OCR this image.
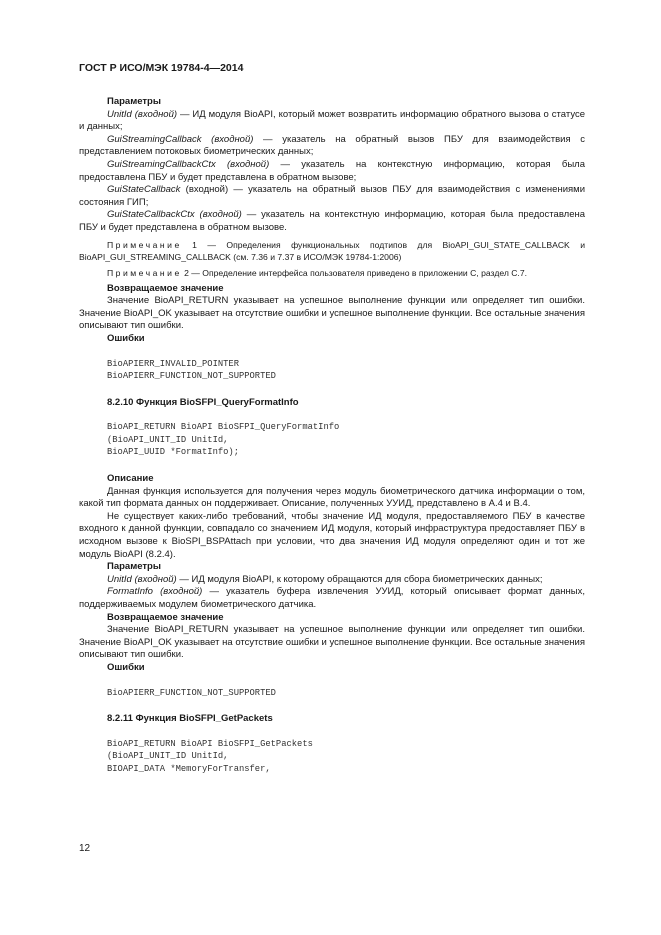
ГОСТ Р ИСО/МЭК 19784-4—2014

Параметры

UnitId (входной) — ИД модуля BioAPI, который может возвратить информацию обратного вызова о статусе и данных;

GuiStreamingCallback (входной) — указатель на обратный вызов ПБУ для взаимодействия с представлением потоковых биометрических данных;

GuiStreamingCallbackCtx (входной) — указатель на контекстную информацию, которая была предоставлена ПБУ и будет представлена в обратном вызове;

GuiStateCallback (входной) — указатель на обратный вызов ПБУ для взаимодействия с изменениями состояния ГИП;

GuiStateCallbackCtx (входной) — указатель на контекстную информацию, которая была предоставлена ПБУ и будет представлена в обратном вызове.

Примечание 1 — Определения функциональных подтипов для BioAPI_GUI_STATE_CALLBACK и BioAPI_GUI_STREAMING_CALLBACK (см. 7.36 и 7.37 в ИСО/МЭК 19784-1:2006)

Примечание 2 — Определение интерфейса пользователя приведено в приложении С, раздел С.7.

Возвращаемое значение

Значение BioAPI_RETURN указывает на успешное выполнение функции или определяет тип ошибки. Значение BioAPI_OK указывает на отсутствие ошибки и успешное выполнение функции. Все остальные значения описывают тип ошибки.

Ошибки

BioAPIERR_INVALID_POINTER

BioAPIERR_FUNCTION_NOT_SUPPORTED

8.2.10 Функция BioSFPI_QueryFormatInfo

BioAPI_RETURN BioAPI BioSFPI_QueryFormatInfo

(BioAPI_UNIT_ID UnitId,

BioAPI_UUID *FormatInfo);

Описание

Данная функция используется для получения через модуль биометрического датчика информации о том, какой тип формата данных он поддерживает. Описание, полученных УУИД, представлено в А.4 и В.4.

Не существует каких-либо требований, чтобы значение ИД модуля, предоставляемого ПБУ в качестве входного к данной функции, совпадало со значением ИД модуля, который инфраструктура предоставляет ПБУ в исходном вызове к BioSPI_BSPAttach при условии, что два значения ИД модуля определяют один и тот же модуль BioAPI (8.2.4).

Параметры

UnitId (входной) — ИД модуля BioAPI, к которому обращаются для сбора биометрических данных;

FormatInfo (входной) — указатель буфера извлечения УУИД, который описывает формат данных, поддерживаемых модулем биометрического датчика.

Возвращаемое значение

Значение BioAPI_RETURN указывает на успешное выполнение функции или определяет тип ошибки. Значение BioAPI_OK указывает на отсутствие ошибки и успешное выполнение функции. Все остальные значения описывают тип ошибки.

Ошибки

BioAPIERR_FUNCTION_NOT_SUPPORTED

8.2.11 Функция BioSFPI_GetPackets

BioAPI_RETURN BioAPI BioSFPI_GetPackets

(BioAPI_UNIT_ID UnitId,

BIOAPI_DATA *MemoryForTransfer,

12
